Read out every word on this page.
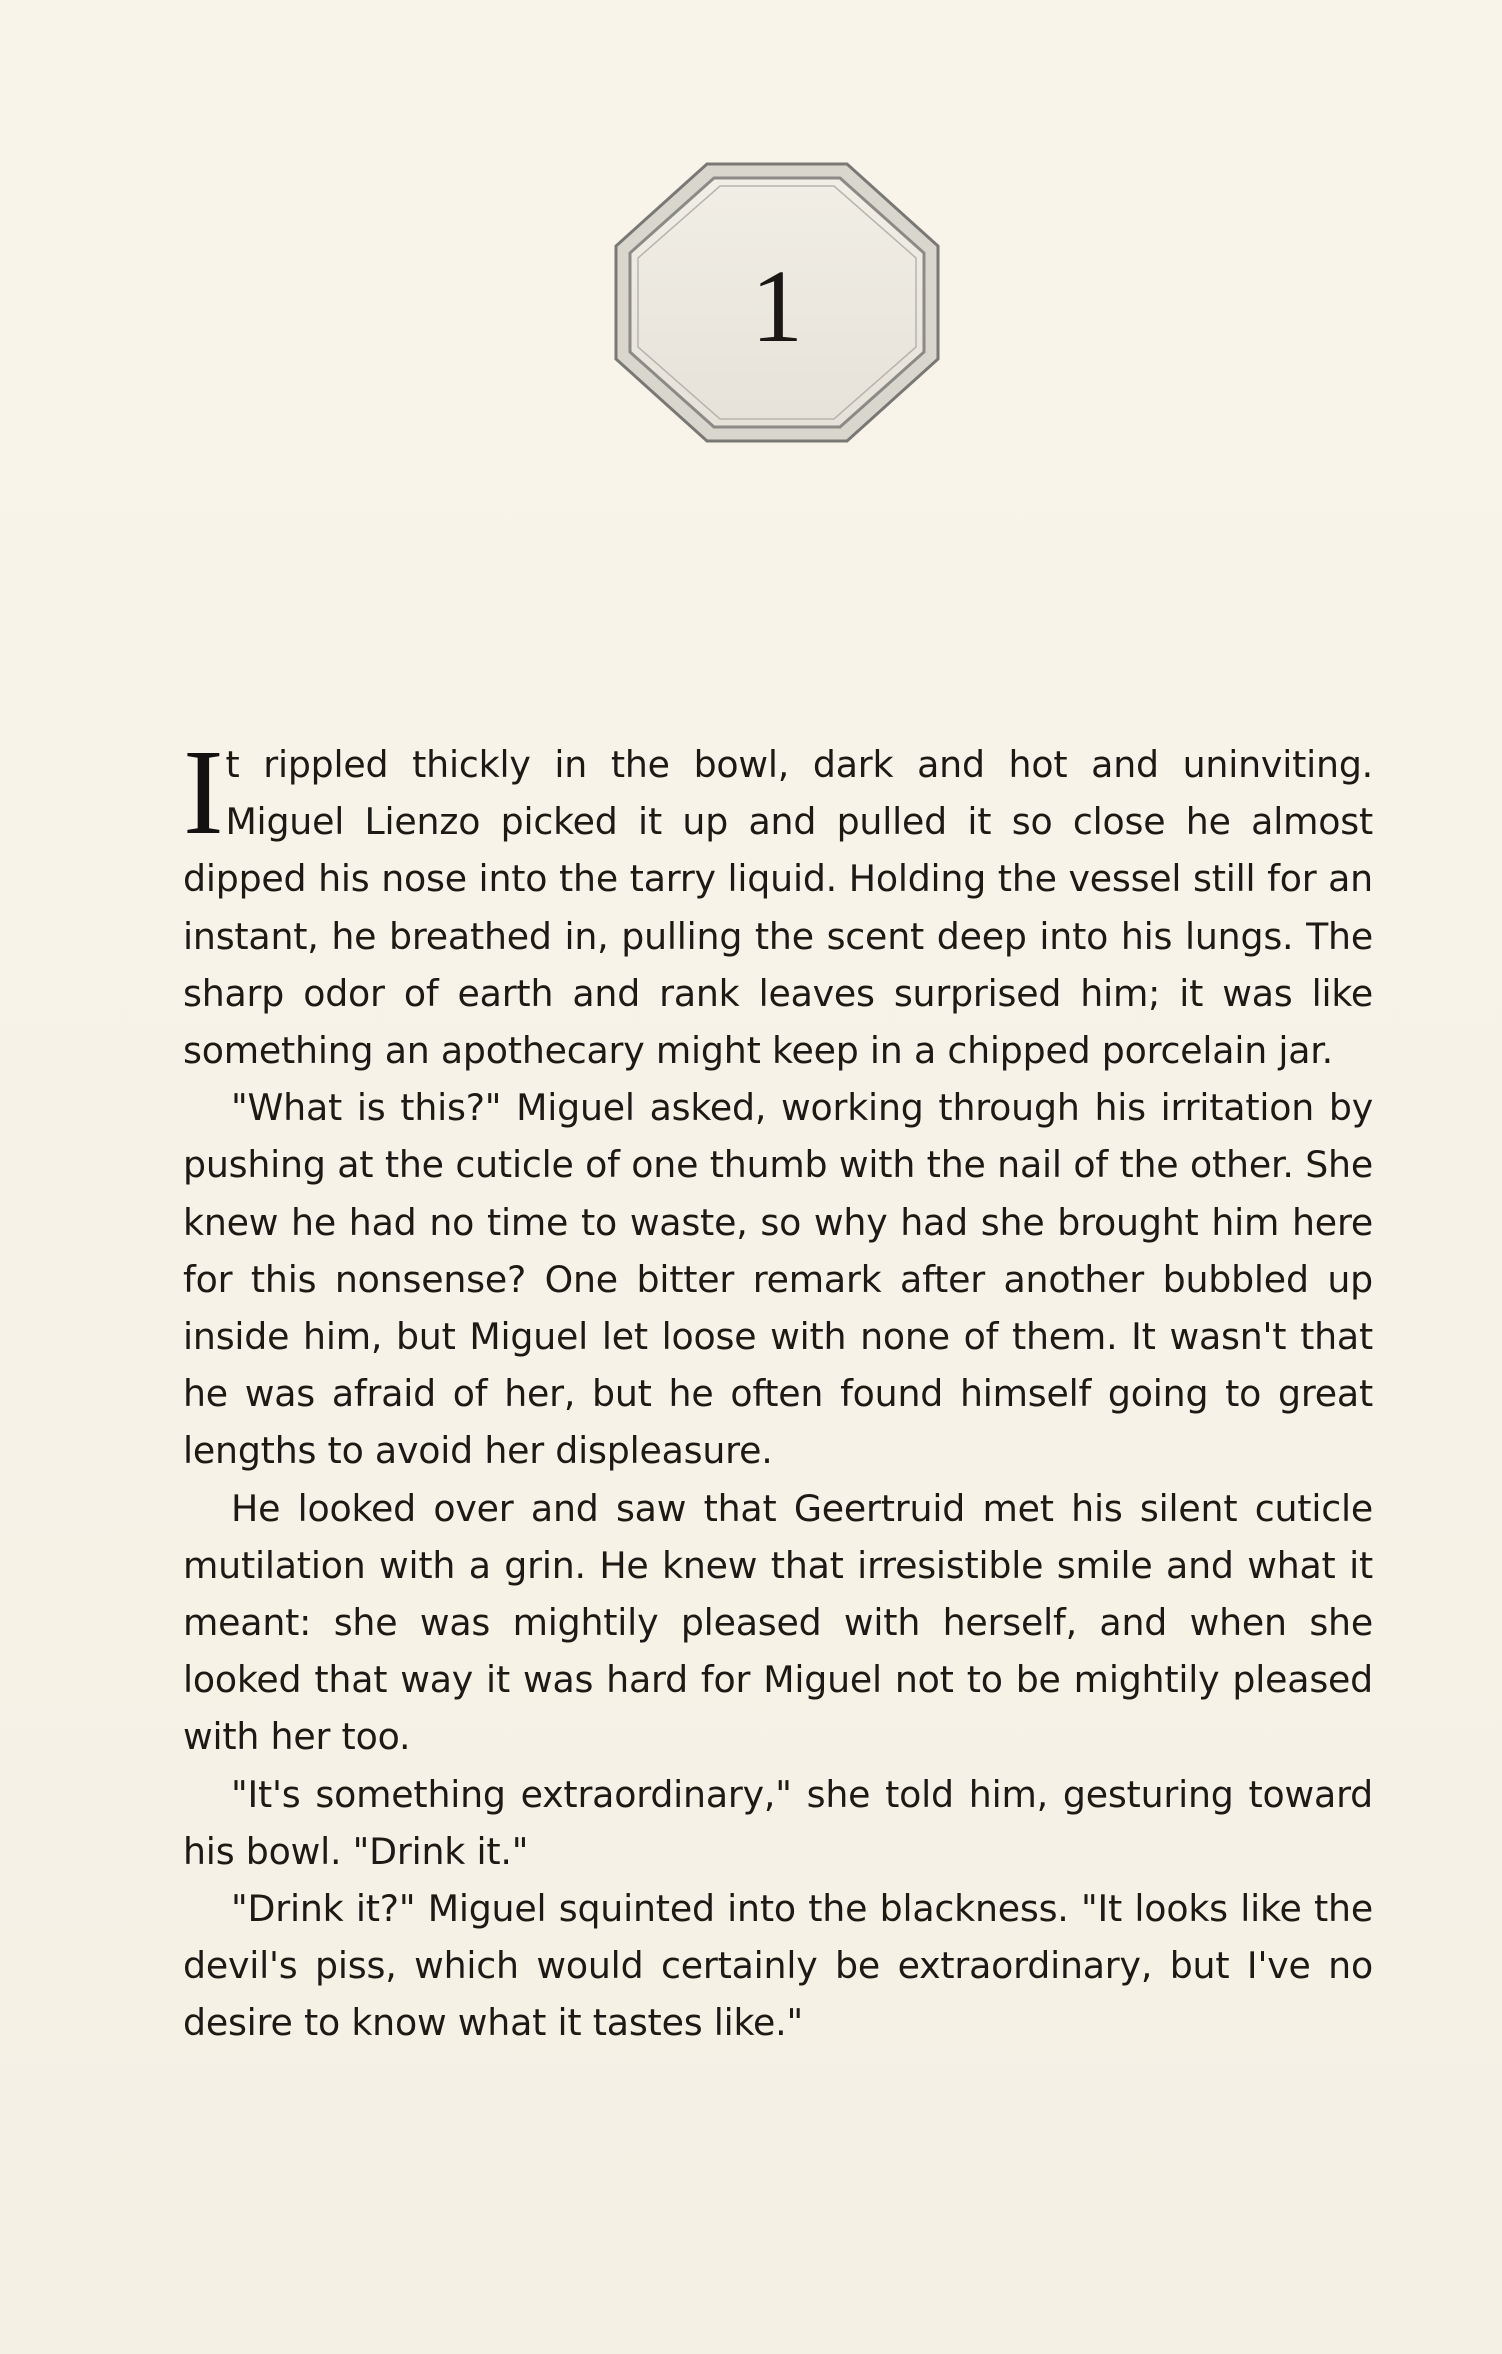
1

It rippled thickly in the bowl, dark and hot and uninviting. Miguel Lienzo picked it up and pulled it so close he almost dipped his nose into the tarry liquid. Holding the vessel still for an instant, he breathed in, pulling the scent deep into his lungs. The sharp odor of earth and rank leaves surprised him; it was like something an apothecary might keep in a chipped porcelain jar.

"What is this?" Miguel asked, working through his irritation by pushing at the cuticle of one thumb with the nail of the other. She knew he had no time to waste, so why had she brought him here for this nonsense? One bitter remark after another bubbled up inside him, but Miguel let loose with none of them. It wasn't that he was afraid of her, but he often found himself going to great lengths to avoid her displeasure.

He looked over and saw that Geertruid met his silent cuticle mutilation with a grin. He knew that irresistible smile and what it meant: she was mightily pleased with herself, and when she looked that way it was hard for Miguel not to be mightily pleased with her too.

"It's something extraordinary," she told him, gesturing toward his bowl. "Drink it."

"Drink it?" Miguel squinted into the blackness. "It looks like the devil's piss, which would certainly be extraordinary, but I've no desire to know what it tastes like."
